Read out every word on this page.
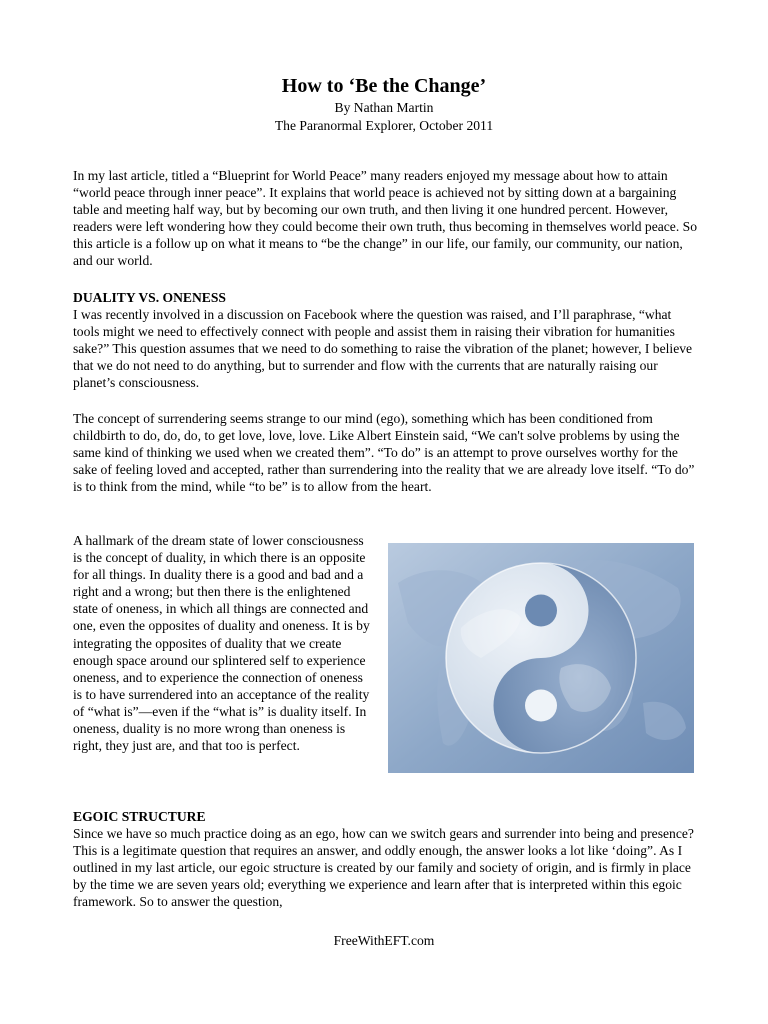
How to ‘Be the Change’
By Nathan Martin
The Paranormal Explorer, October 2011

In my last article, titled a “Blueprint for World Peace” many readers enjoyed my message about how to attain “world peace through inner peace”. It explains that world peace is achieved not by sitting down at a bargaining table and meeting half way, but by becoming our own truth, and then living it one hundred percent. However, readers were left wondering how they could become their own truth, thus becoming in themselves world peace. So this article is a follow up on what it means to “be the change” in our life, our family, our community, our nation, and our world.

DUALITY VS. ONENESS

I was recently involved in a discussion on Facebook where the question was raised, and I’ll paraphrase, “what tools might we need to effectively connect with people and assist them in raising their vibration for humanities sake?” This question assumes that we need to do something to raise the vibration of the planet; however, I believe that we do not need to do anything, but to surrender and flow with the currents that are naturally raising our planet’s consciousness.

The concept of surrendering seems strange to our mind (ego), something which has been conditioned from childbirth to do, do, do, to get love, love, love. Like Albert Einstein said, “We can't solve problems by using the same kind of thinking we used when we created them”. “To do” is an attempt to prove ourselves worthy for the sake of feeling loved and accepted, rather than surrendering into the reality that we are already love itself. “To do” is to think from the mind, while “to be” is to allow from the heart.

A hallmark of the dream state of lower consciousness is the concept of duality, in which there is an opposite for all things. In duality there is a good and bad and a right and a wrong; but then there is the enlightened state of oneness, in which all things are connected and one, even the opposites of duality and oneness. It is by integrating the opposites of duality that we create enough space around our splintered self to experience oneness, and to experience the connection of oneness is to have surrendered into an acceptance of the reality of “what is”—even if the “what is” is duality itself. In oneness, duality is no more wrong than oneness is right, they just are, and that too is perfect.

EGOIC STRUCTURE

Since we have so much practice doing as an ego, how can we switch gears and surrender into being and presence? This is a legitimate question that requires an answer, and oddly enough, the answer looks a lot like ‘doing”. As I outlined in my last article, our egoic structure is created by our family and society of origin, and is firmly in place by the time we are seven years old; everything we experience and learn after that is interpreted within this egoic framework. So to answer the question,

FreeWithEFT.com
